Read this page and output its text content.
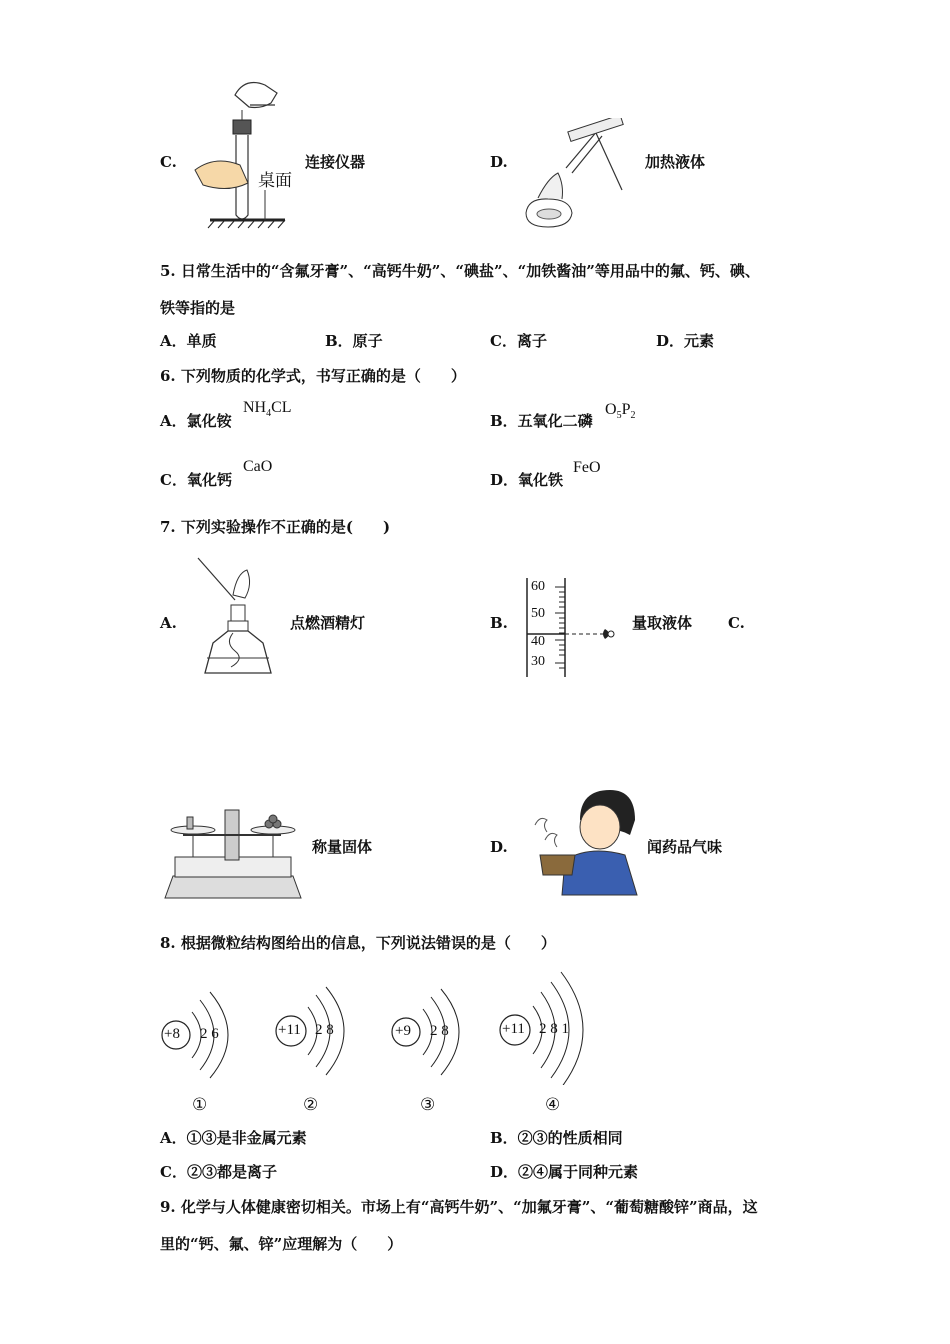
C.
桌面
连接仪器	D.	加热液体
5. 日常生活中的“含氟牙膏”、“高钙牛奶”、“碘盐”、“加铁酱油”等用品中的氟、钙、碘、
铁等指的是
A．单质	B．原子	C．离子	D．元素
6. 下列物质的化学式，书写正确的是（　　）
A．氯化铵
$NH_4CL$
B．五氧化二磷
$O_5P_2$
C．氧化钙
CaO
D．氧化铁
FeO
7. 下列实验操作不正确的是(　　)
A.	点燃酒精灯	B.
60
50
40
30
量取液体 C.
称量固体	D.	闻药品气味
8. 根据微粒结构图给出的信息，下列说法错误的是（　　）
+8 2 6
①
+11 2 8
②
+9 2 8
③
+11 2 8 1
④
A．①③是非金属元素	B．②③的性质相同
C．②③都是离子	D．②④属于同种元素
9. 化学与人体健康密切相关。市场上有“高钙牛奶”、“加氟牙膏”、“葡萄糖酸锌”商品，这
里的“钙、氟、锌”应理解为（　　）
